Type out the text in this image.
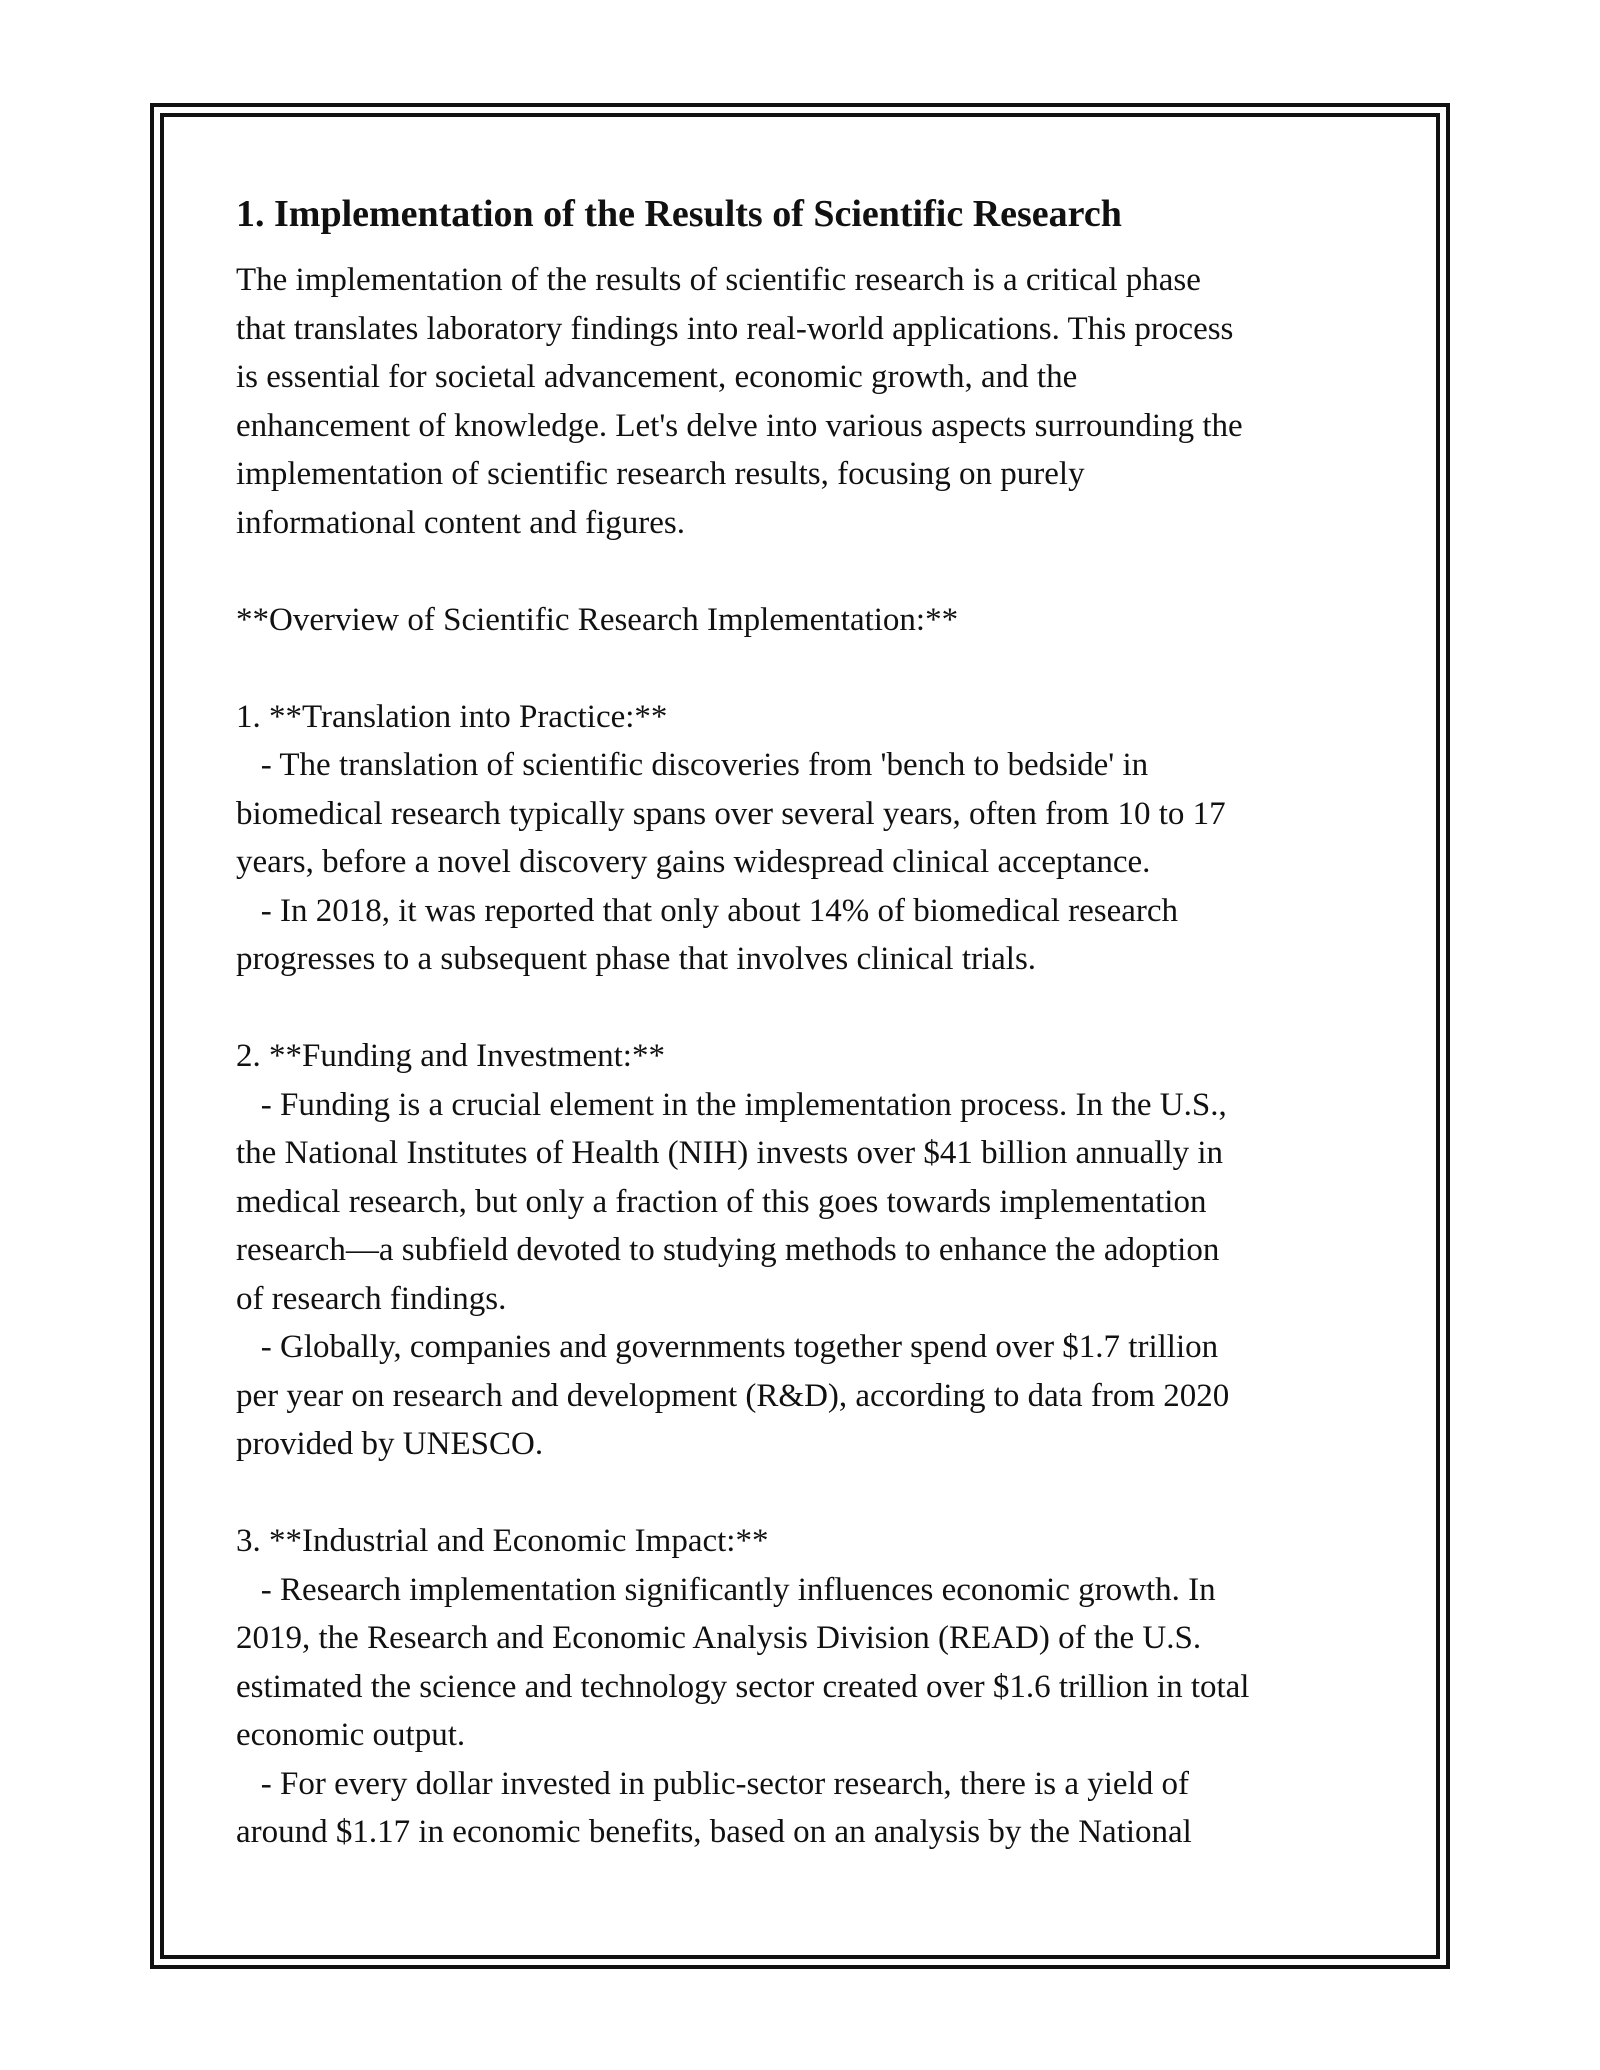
1. Implementation of the Results of Scientific Research
The implementation of the results of scientific research is a critical phase
that translates laboratory findings into real-world applications. This process
is essential for societal advancement, economic growth, and the
enhancement of knowledge. Let's delve into various aspects surrounding the
implementation of scientific research results, focusing on purely
informational content and figures.
**Overview of Scientific Research Implementation:**
1. **Translation into Practice:**
- The translation of scientific discoveries from 'bench to bedside' in
biomedical research typically spans over several years, often from 10 to 17
years, before a novel discovery gains widespread clinical acceptance.
- In 2018, it was reported that only about 14% of biomedical research
progresses to a subsequent phase that involves clinical trials.
2. **Funding and Investment:**
- Funding is a crucial element in the implementation process. In the U.S.,
the National Institutes of Health (NIH) invests over $41 billion annually in
medical research, but only a fraction of this goes towards implementation
research—a subfield devoted to studying methods to enhance the adoption
of research findings.
- Globally, companies and governments together spend over $1.7 trillion
per year on research and development (R&D), according to data from 2020
provided by UNESCO.
3. **Industrial and Economic Impact:**
- Research implementation significantly influences economic growth. In
2019, the Research and Economic Analysis Division (READ) of the U.S.
estimated the science and technology sector created over $1.6 trillion in total
economic output.
- For every dollar invested in public-sector research, there is a yield of
around $1.17 in economic benefits, based on an analysis by the National
